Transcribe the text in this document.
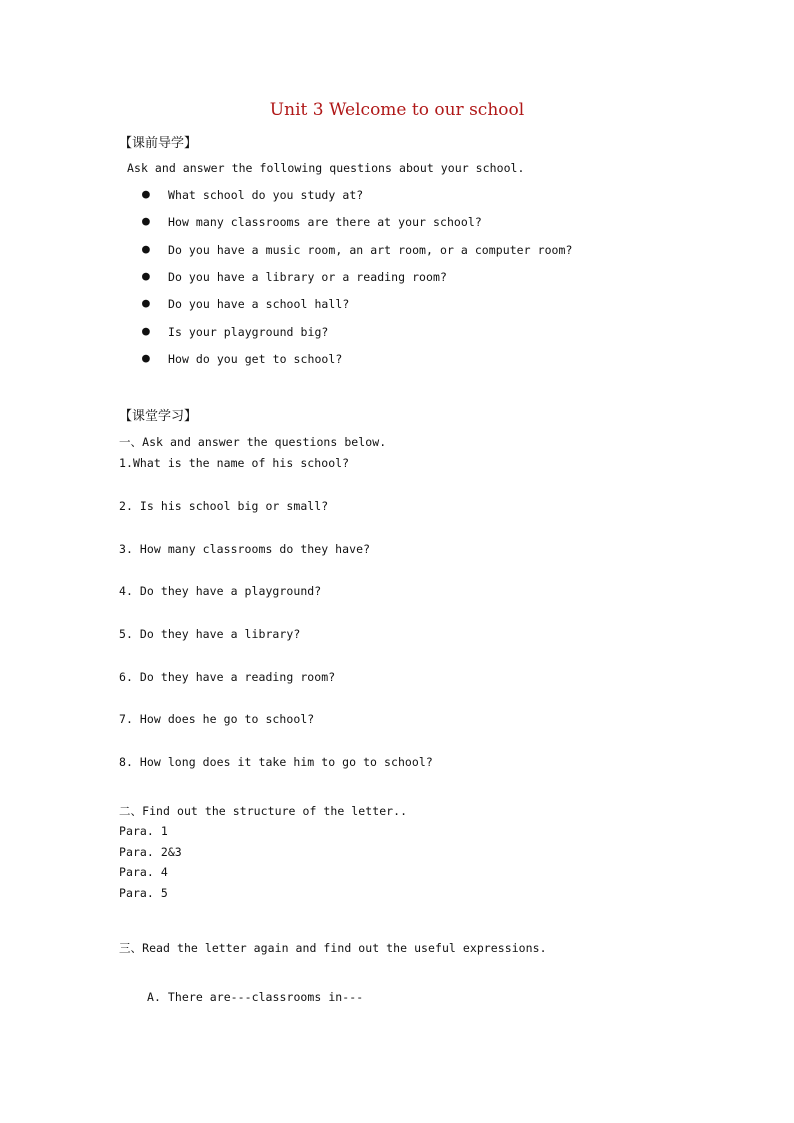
Unit 3 Welcome to our school
【课前导学】
Ask and answer the following questions about your school.
● What school do you study at?
● How many classrooms are there at your school?
● Do you have a music room, an art room, or a computer room?
● Do you have a library or a reading room?
● Do you have a school hall?
● Is your playground big?
● How do you get to school?
【课堂学习】
一、Ask and answer the questions below.
1.What is the name of his school?
2. Is his school big or small?
3. How many classrooms do they have?
4. Do they have a playground?
5. Do they have a library?
6. Do they have a reading room?
7. How does he go to school?
8. How long does it take him to go to school?
二、Find out the structure of the letter..
Para. 1
Para. 2&3
Para. 4
Para. 5
三、Read the letter again and find out the useful expressions.
A. There are---classrooms in---
